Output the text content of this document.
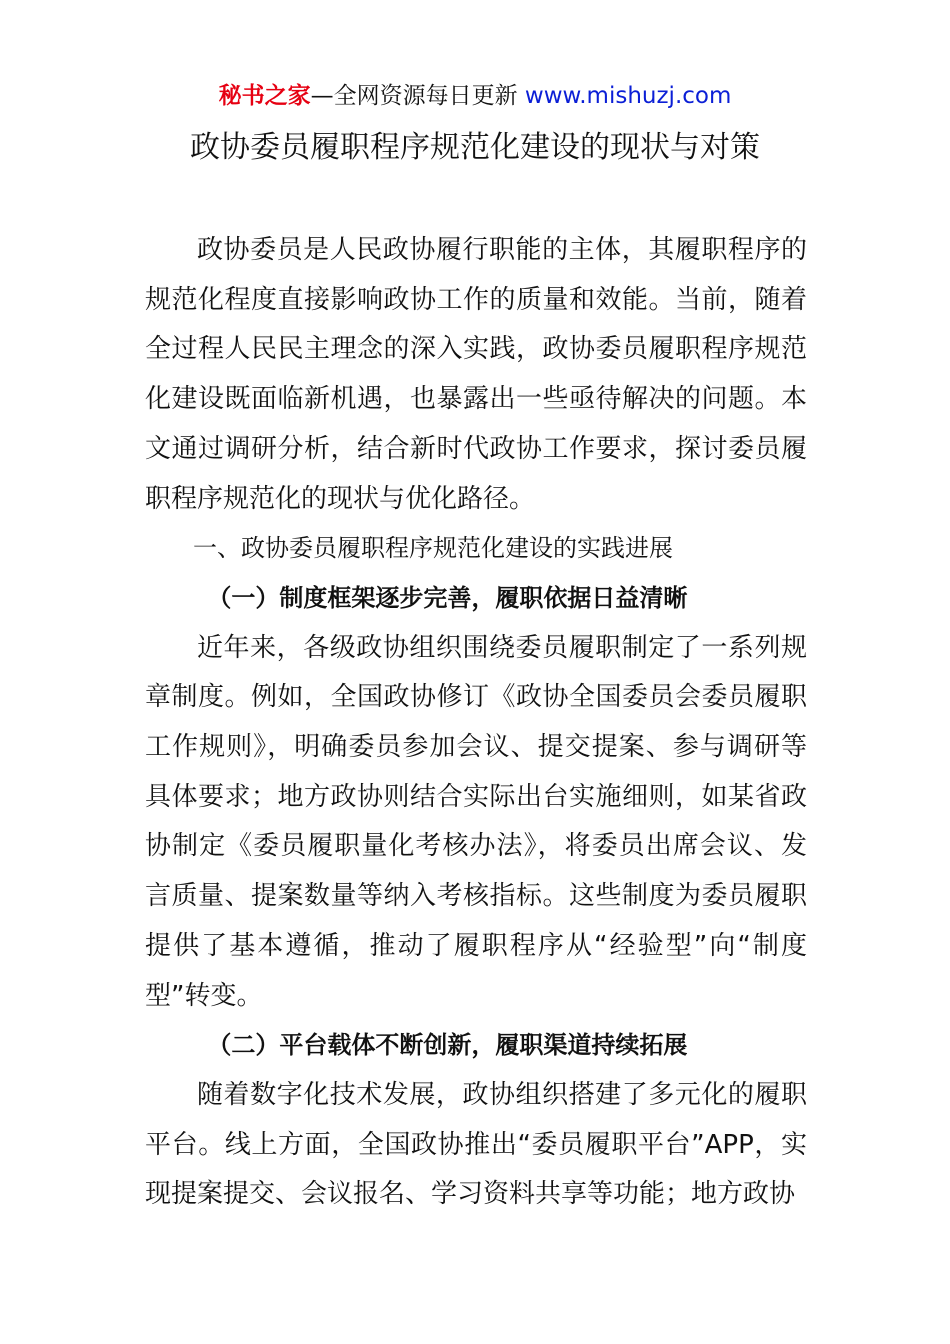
秘书之家—全网资源每日更新 www.mishuzj.com
政协委员履职程序规范化建设的现状与对策

政协委员是人民政协履行职能的主体，其履职程序的规范化程度直接影响政协工作的质量和效能。当前，随着全过程人民民主理念的深入实践，政协委员履职程序规范化建设既面临新机遇，也暴露出一些亟待解决的问题。本文通过调研分析，结合新时代政协工作要求，探讨委员履职程序规范化的现状与优化路径。

一、政协委员履职程序规范化建设的实践进展

（一）制度框架逐步完善，履职依据日益清晰

近年来，各级政协组织围绕委员履职制定了一系列规章制度。例如，全国政协修订《政协全国委员会委员履职工作规则》，明确委员参加会议、提交提案、参与调研等具体要求；地方政协则结合实际出台实施细则，如某省政协制定《委员履职量化考核办法》，将委员出席会议、发言质量、提案数量等纳入考核指标。这些制度为委员履职提供了基本遵循，推动了履职程序从“经验型”向“制度型”转变。

（二）平台载体不断创新，履职渠道持续拓展

随着数字化技术发展，政协组织搭建了多元化的履职平台。线上方面，全国政协推出“委员履职平台”APP，实现提案提交、会议报名、学习资料共享等功能；地方政协
